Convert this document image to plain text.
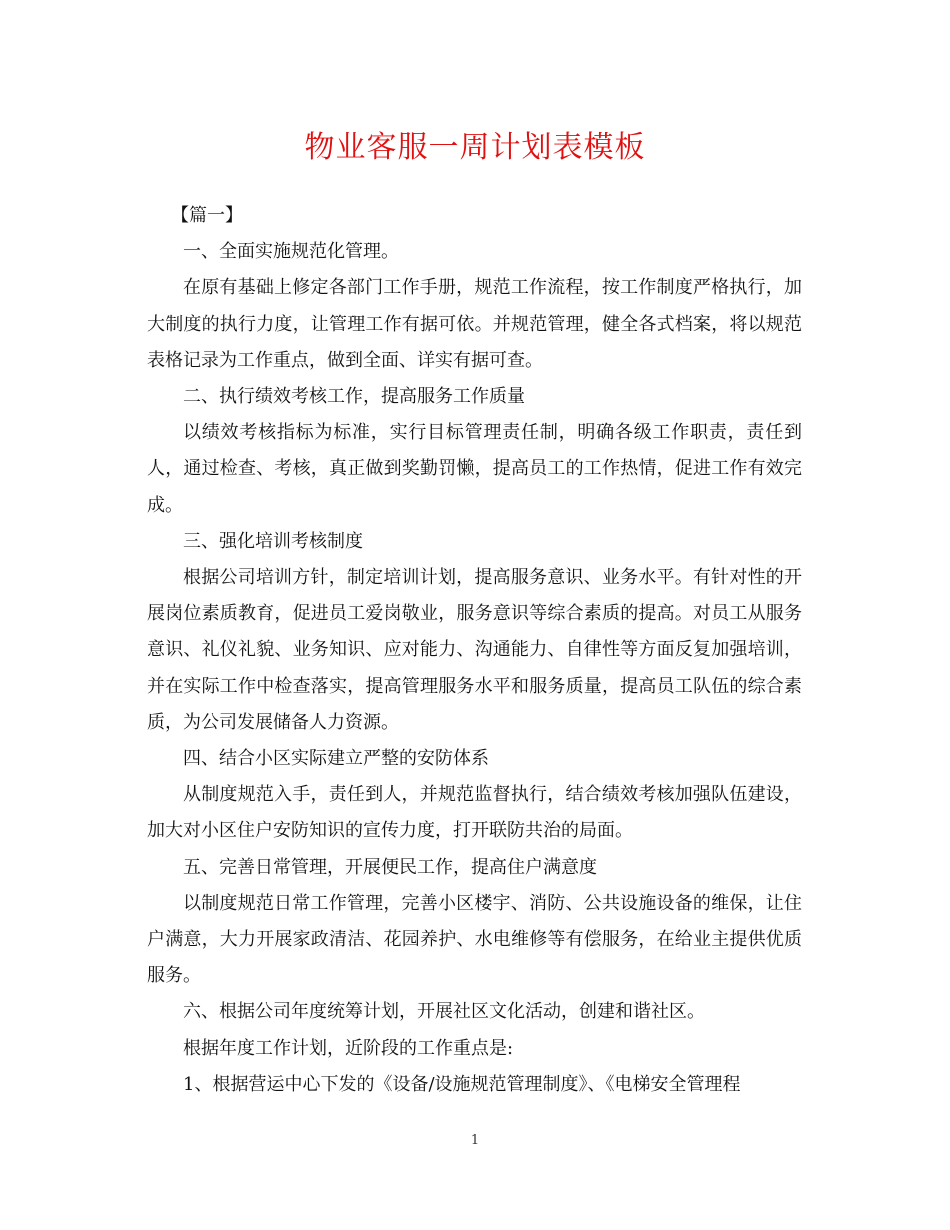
物业客服一周计划表模板

【篇一】

一、全面实施规范化管理。

在原有基础上修定各部门工作手册，规范工作流程，按工作制度严格执行，加大制度的执行力度，让管理工作有据可依。并规范管理，健全各式档案，将以规范表格记录为工作重点，做到全面、详实有据可查。

二、执行绩效考核工作，提高服务工作质量

以绩效考核指标为标准，实行目标管理责任制，明确各级工作职责，责任到人，通过检查、考核，真正做到奖勤罚懒，提高员工的工作热情，促进工作有效完成。

三、强化培训考核制度

根据公司培训方针，制定培训计划，提高服务意识、业务水平。有针对性的开展岗位素质教育，促进员工爱岗敬业，服务意识等综合素质的提高。对员工从服务意识、礼仪礼貌、业务知识、应对能力、沟通能力、自律性等方面反复加强培训，并在实际工作中检查落实，提高管理服务水平和服务质量，提高员工队伍的综合素质，为公司发展储备人力资源。

四、结合小区实际建立严整的安防体系

从制度规范入手，责任到人，并规范监督执行，结合绩效考核加强队伍建设，加大对小区住户安防知识的宣传力度，打开联防共治的局面。

五、完善日常管理，开展便民工作，提高住户满意度

以制度规范日常工作管理，完善小区楼宇、消防、公共设施设备的维保，让住户满意，大力开展家政清洁、花园养护、水电维修等有偿服务，在给业主提供优质服务。

六、根据公司年度统筹计划，开展社区文化活动，创建和谐社区。

根据年度工作计划，近阶段的工作重点是:

1、根据营运中心下发的《设备/设施规范管理制度》、《电梯安全管理程

1
